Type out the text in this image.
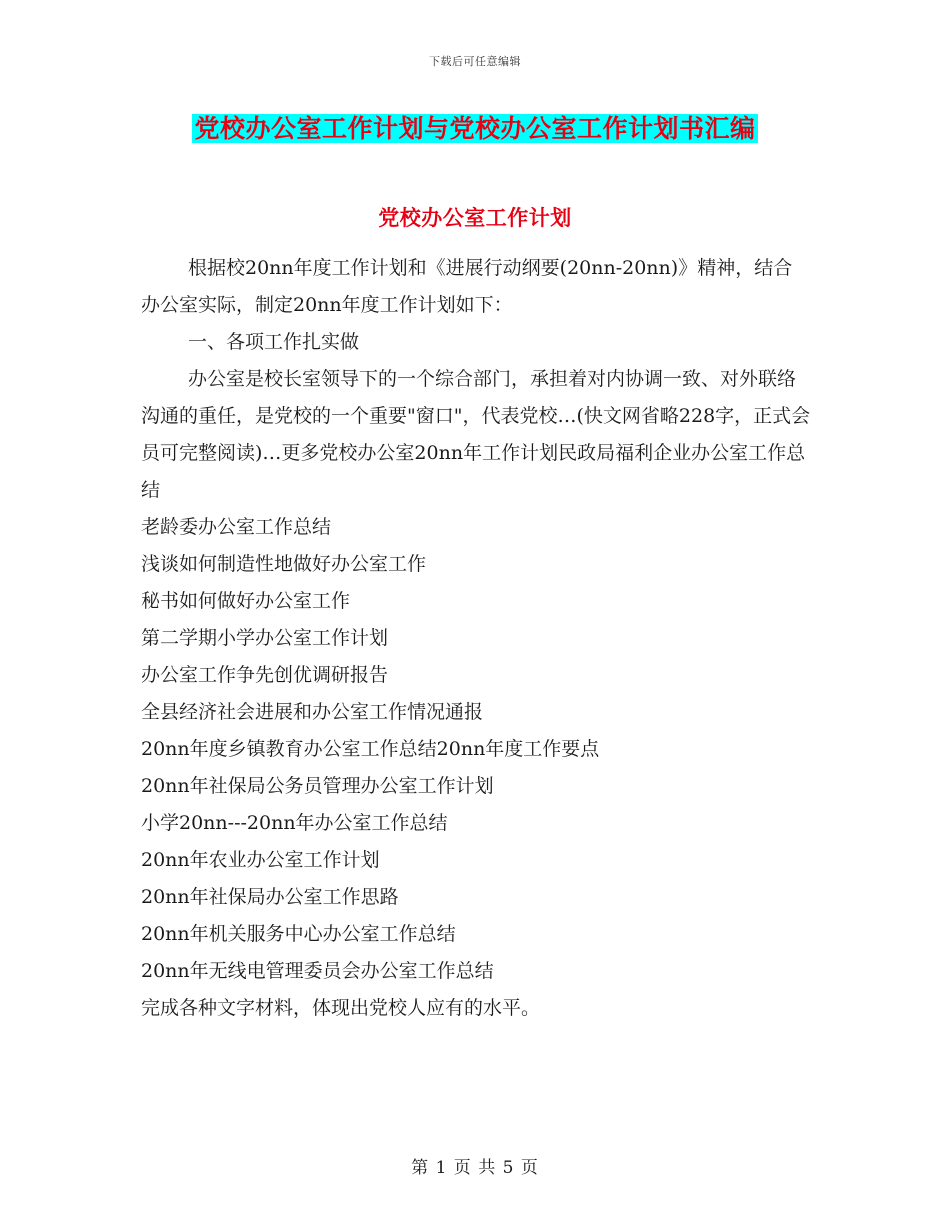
下载后可任意编辑
党校办公室工作计划与党校办公室工作计划书汇编
党校办公室工作计划

根据校20nn年度工作计划和《进展行动纲要(20nn-20nn)》精神，结合办公室实际，制定20nn年度工作计划如下：

一、各项工作扎实做

办公室是校长室领导下的一个综合部门，承担着对内协调一致、对外联络沟通的重任，是党校的一个重要"窗口"，代表党校…(快文网省略228字，正式会员可完整阅读)…更多党校办公室20nn年工作计划民政局福利企业办公室工作总结

老龄委办公室工作总结

浅谈如何制造性地做好办公室工作

秘书如何做好办公室工作

第二学期小学办公室工作计划

办公室工作争先创优调研报告

全县经济社会进展和办公室工作情况通报

20nn年度乡镇教育办公室工作总结20nn年度工作要点

20nn年社保局公务员管理办公室工作计划

小学20nn---20nn年办公室工作总结

20nn年农业办公室工作计划

20nn年社保局办公室工作思路

20nn年机关服务中心办公室工作总结

20nn年无线电管理委员会办公室工作总结

完成各种文字材料，体现出党校人应有的水平。

第 1 页 共 5 页
